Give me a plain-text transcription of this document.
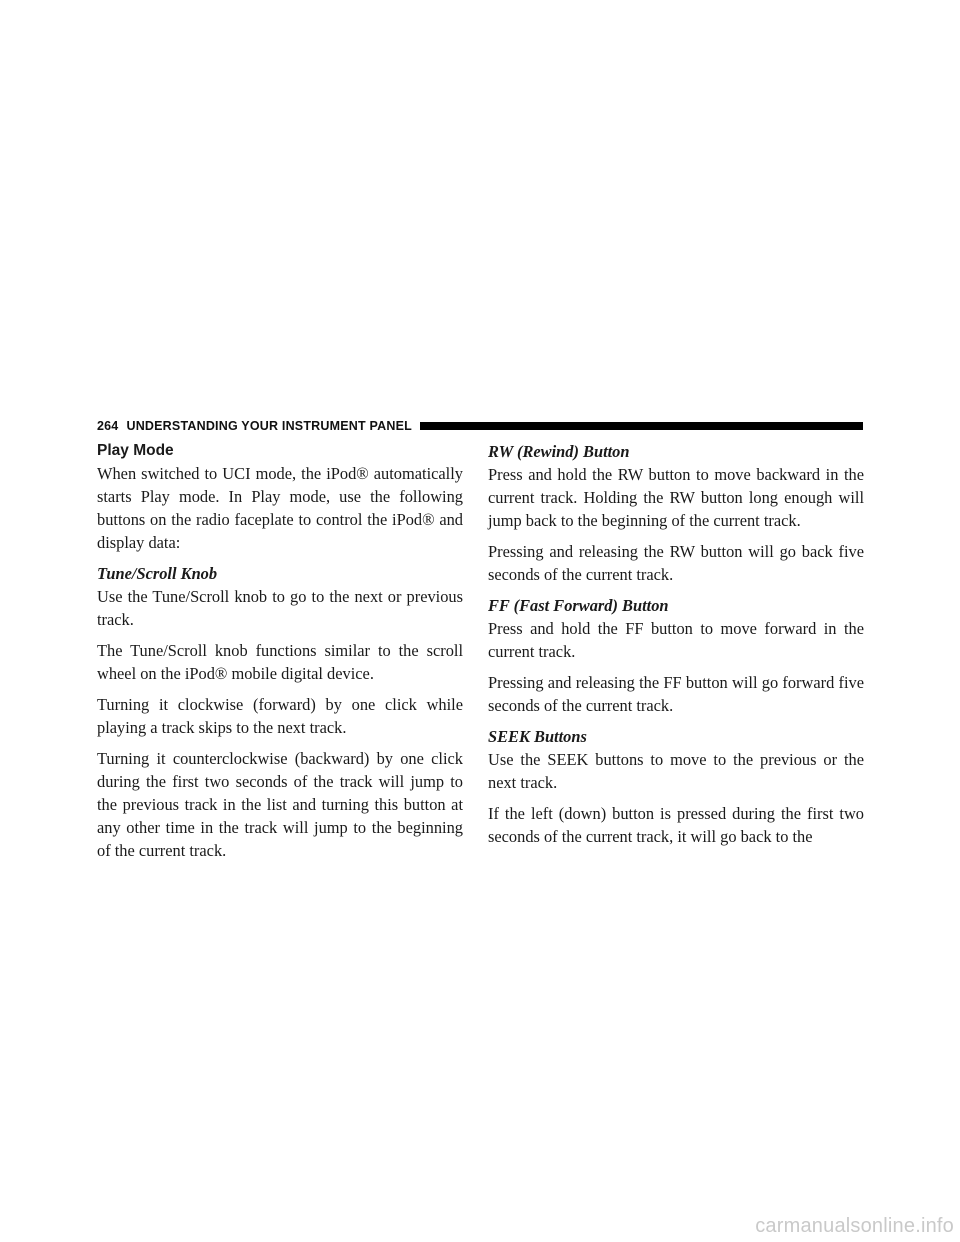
264 UNDERSTANDING YOUR INSTRUMENT PANEL
Play Mode

When switched to UCI mode, the iPod® automatically starts Play mode. In Play mode, use the following buttons on the radio faceplate to control the iPod® and display data:

Tune/Scroll Knob

Use the Tune/Scroll knob to go to the next or previous track.

The Tune/Scroll knob functions similar to the scroll wheel on the iPod® mobile digital device.

Turning it clockwise (forward) by one click while playing a track skips to the next track.

Turning it counterclockwise (backward) by one click during the first two seconds of the track will jump to the previous track in the list and turning this button at any other time in the track will jump to the beginning of the current track.

RW (Rewind) Button

Press and hold the RW button to move backward in the current track. Holding the RW button long enough will jump back to the beginning of the current track.

Pressing and releasing the RW button will go back five seconds of the current track.

FF (Fast Forward) Button

Press and hold the FF button to move forward in the current track.

Pressing and releasing the FF button will go forward five seconds of the current track.

SEEK Buttons

Use the SEEK buttons to move to the previous or the next track.

If the left (down) button is pressed during the first two seconds of the current track, it will go back to the

carmanualsonline.info
